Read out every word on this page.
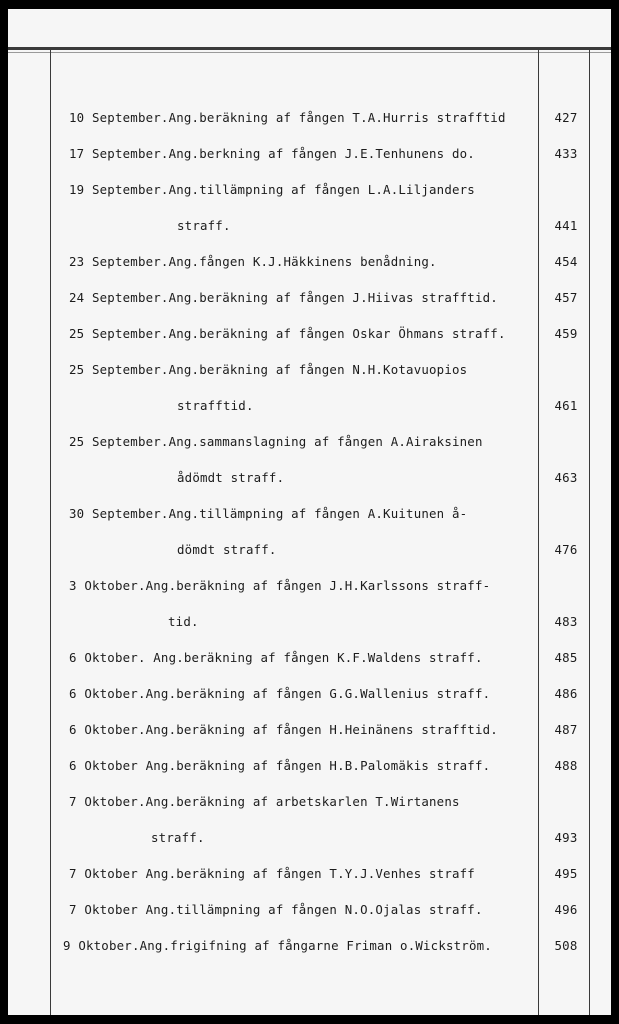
10 September.Ang.beräkning af fången T.A.Hurris strafftid	427
17 September.Ang.berkning af fången J.E.Tenhunens do.	433
19 September.Ang.tillämpning af fången L.A.Liljanders
straff.	441
23 September.Ang.fången K.J.Häkkinens benådning.	454
24 September.Ang.beräkning af fången J.Hiivas strafftid.	457
25 September.Ang.beräkning af fången Oskar Öhmans straff.	459
25 September.Ang.beräkning af fången N.H.Kotavuopios
strafftid.	461
25 September.Ang.sammanslagning af fången A.Airaksinen
ådömdt straff.	463
30 September.Ang.tillämpning af fången A.Kuitunen å-
dömdt straff.	476
3 Oktober.Ang.beräkning af fången J.H.Karlssons straff-
tid.	483
6 Oktober. Ang.beräkning af fången K.F.Waldens straff.	485
6 Oktober.Ang.beräkning af fången G.G.Wallenius straff.	486
6 Oktober.Ang.beräkning af fången H.Heinänens strafftid.	487
6 Oktober Ang.beräkning af fången H.B.Palomäkis straff.	488
7 Oktober.Ang.beräkning af arbetskarlen T.Wirtanens
straff.	493
7 Oktober Ang.beräkning af fången T.Y.J.Venhes straff	495
7 Oktober Ang.tillämpning af fången N.O.Ojalas straff.	496
9 Oktober.Ang.frigifning af fångarne Friman o.Wickström.	508
